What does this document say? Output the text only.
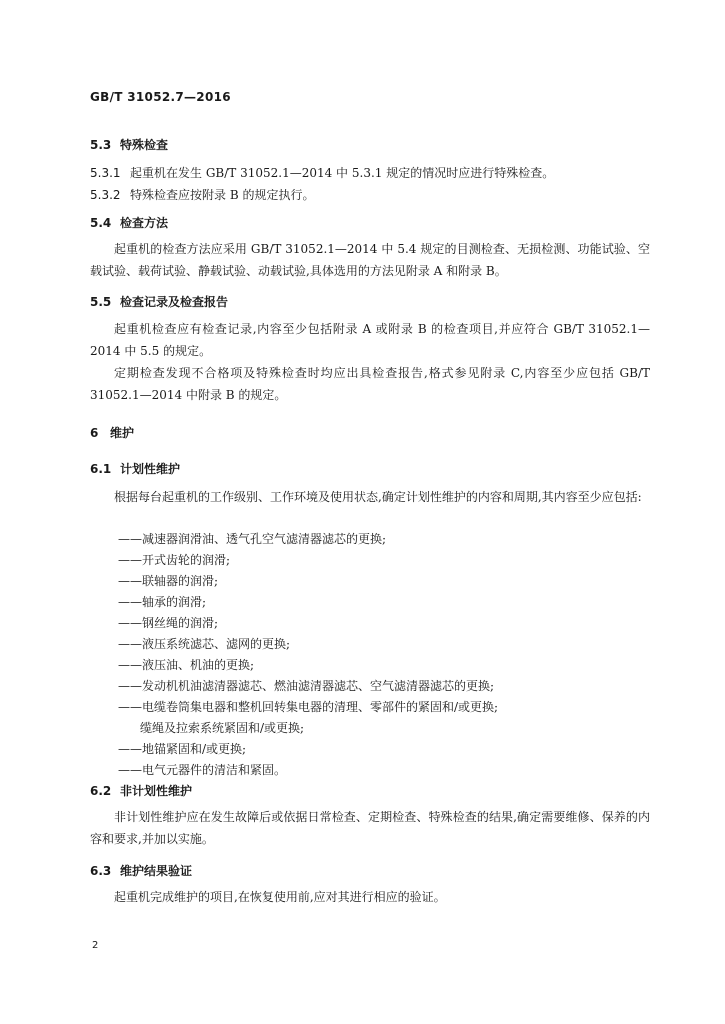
GB/T 31052.7—2016
5.3 特殊检查
5.3.1 起重机在发生 GB/T 31052.1—2014 中 5.3.1 规定的情况时应进行特殊检查。
5.3.2 特殊检查应按附录 B 的规定执行。
5.4 检查方法
起重机的检查方法应采用 GB/T 31052.1—2014 中 5.4 规定的目测检查、无损检测、功能试验、空载试验、载荷试验、静载试验、动载试验,具体选用的方法见附录 A 和附录 B。
5.5 检查记录及检查报告
起重机检查应有检查记录,内容至少包括附录 A 或附录 B 的检查项目,并应符合 GB/T 31052.1—2014 中 5.5 的规定。
定期检查发现不合格项及特殊检查时均应出具检查报告,格式参见附录 C,内容至少应包括 GB/T 31052.1—2014 中附录 B 的规定。
6 维护
6.1 计划性维护
根据每台起重机的工作级别、工作环境及使用状态,确定计划性维护的内容和周期,其内容至少应包括:
——减速器润滑油、透气孔空气滤清器滤芯的更换;
——开式齿轮的润滑;
——联轴器的润滑;
——轴承的润滑;
——钢丝绳的润滑;
——液压系统滤芯、滤网的更换;
——液压油、机油的更换;
——发动机机油滤清器滤芯、燃油滤清器滤芯、空气滤清器滤芯的更换;
——电缆卷筒集电器和整机回转集电器的清理、零部件的紧固和/或更换;
缆绳及拉索系统紧固和/或更换;
——地锚紧固和/或更换;
——电气元器件的清洁和紧固。
6.2 非计划性维护
非计划性维护应在发生故障后或依据日常检查、定期检查、特殊检查的结果,确定需要维修、保养的内容和要求,并加以实施。
6.3 维护结果验证
起重机完成维护的项目,在恢复使用前,应对其进行相应的验证。
2
